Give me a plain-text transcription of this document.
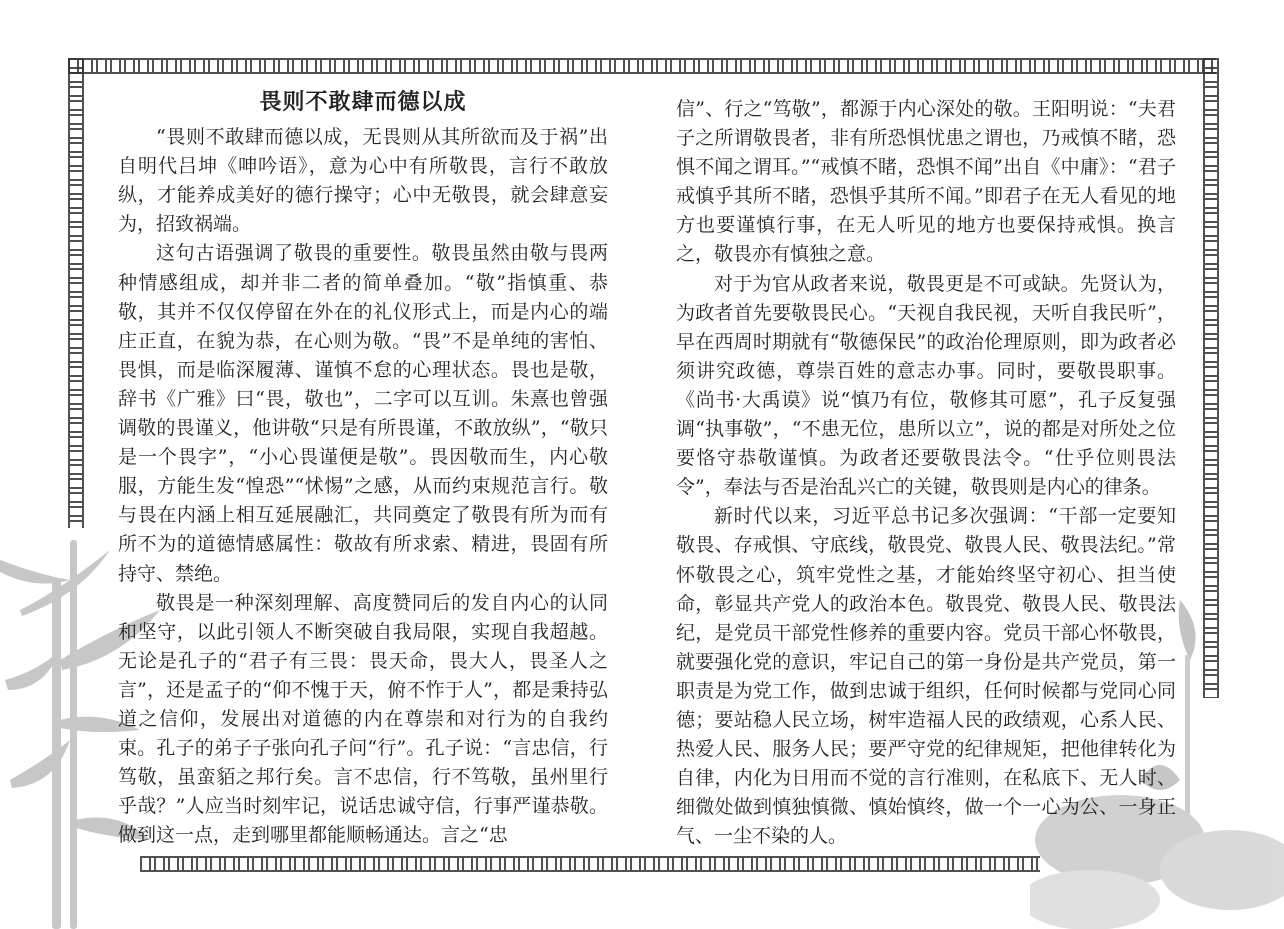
畏则不敢肆而德以成

“畏则不敢肆而德以成，无畏则从其所欲而及于祸”出自明代吕坤《呻吟语》，意为心中有所敬畏，言行不敢放纵，才能养成美好的德行操守；心中无敬畏，就会肆意妄为，招致祸端。

这句古语强调了敬畏的重要性。敬畏虽然由敬与畏两种情感组成，却并非二者的简单叠加。“敬”指慎重、恭敬，其并不仅仅停留在外在的礼仪形式上，而是内心的端庄正直，在貌为恭，在心则为敬。“畏”不是单纯的害怕、畏惧，而是临深履薄、谨慎不怠的心理状态。畏也是敬，辞书《广雅》曰“畏，敬也”，二字可以互训。朱熹也曾强调敬的畏谨义，他讲敬“只是有所畏谨，不敢放纵”，“敬只是一个畏字”，“小心畏谨便是敬”。畏因敬而生，内心敬服，方能生发“惶恐”“怵惕”之感，从而约束规范言行。敬与畏在内涵上相互延展融汇，共同奠定了敬畏有所为而有所不为的道德情感属性：敬故有所求索、精进，畏固有所持守、禁绝。

敬畏是一种深刻理解、高度赞同后的发自内心的认同和坚守，以此引领人不断突破自我局限，实现自我超越。无论是孔子的“君子有三畏：畏天命，畏大人，畏圣人之言”，还是孟子的“仰不愧于天，俯不怍于人”，都是秉持弘道之信仰，发展出对道德的内在尊崇和对行为的自我约束。孔子的弟子子张向孔子问“行”。孔子说：“言忠信，行笃敬，虽蛮貊之邦行矣。言不忠信，行不笃敬，虽州里行乎哉？”人应当时刻牢记，说话忠诚守信，行事严谨恭敬。做到这一点，走到哪里都能顺畅通达。言之“忠

信”、行之“笃敬”，都源于内心深处的敬。王阳明说：“夫君子之所谓敬畏者，非有所恐惧忧患之谓也，乃戒慎不睹，恐惧不闻之谓耳。”“戒慎不睹，恐惧不闻”出自《中庸》：“君子戒慎乎其所不睹，恐惧乎其所不闻。”即君子在无人看见的地方也要谨慎行事，在无人听见的地方也要保持戒惧。换言之，敬畏亦有慎独之意。

对于为官从政者来说，敬畏更是不可或缺。先贤认为，为政者首先要敬畏民心。“天视自我民视，天听自我民听”，早在西周时期就有“敬德保民”的政治伦理原则，即为政者必须讲究政德，尊崇百姓的意志办事。同时，要敬畏职事。《尚书·大禹谟》说“慎乃有位，敬修其可愿”，孔子反复强调“执事敬”，“不患无位，患所以立”，说的都是对所处之位要恪守恭敬谨慎。为政者还要敬畏法令。“仕乎位则畏法令”，奉法与否是治乱兴亡的关键，敬畏则是内心的律条。

新时代以来，习近平总书记多次强调：“干部一定要知敬畏、存戒惧、守底线，敬畏党、敬畏人民、敬畏法纪。”常怀敬畏之心，筑牢党性之基，才能始终坚守初心、担当使命，彰显共产党人的政治本色。敬畏党、敬畏人民、敬畏法纪，是党员干部党性修养的重要内容。党员干部心怀敬畏，就要强化党的意识，牢记自己的第一身份是共产党员，第一职责是为党工作，做到忠诚于组织，任何时候都与党同心同德；要站稳人民立场，树牢造福人民的政绩观，心系人民、热爱人民、服务人民；要严守党的纪律规矩，把他律转化为自律，内化为日用而不觉的言行准则，在私底下、无人时、细微处做到慎独慎微、慎始慎终，做一个一心为公、一身正气、一尘不染的人。
